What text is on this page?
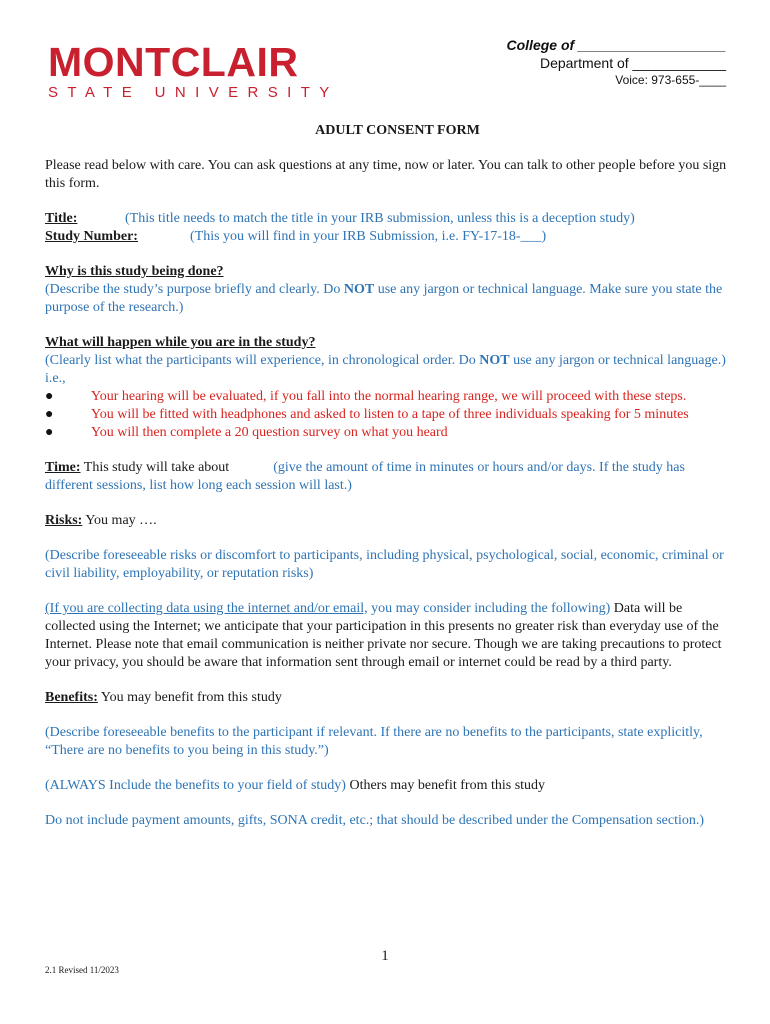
MONTCLAIR
STATE UNIVERSITY
College of ___________________
Department of ____________
Voice: 973-655-____
ADULT CONSENT FORM

Please read below with care. You can ask questions at any time, now or later. You can talk to other people before you sign this form.

Title:	(This title needs to match the title in your IRB submission, unless this is a deception study)
Study Number:	(This you will find in your IRB Submission, i.e. FY-17-18-___)

Why is this study being done?

(Describe the study’s purpose briefly and clearly. Do NOT use any jargon or technical language. Make sure you state the purpose of the research.)

What will happen while you are in the study?

(Clearly list what the participants will experience, in chronological order. Do NOT use any jargon or technical language.)

i.e.,

●	Your hearing will be evaluated, if you fall into the normal hearing range, we will proceed with these steps.

●	You will be fitted with headphones and asked to listen to a tape of three individuals speaking for 5 minutes

●	You will then complete a 20 question survey on what you heard

Time: This study will take about	(give the amount of time in minutes or hours and/or days. If the study has different sessions, list how long each session will last.)

Risks: You may ….

(Describe foreseeable risks or discomfort to participants, including physical, psychological, social, economic, criminal or civil liability, employability, or reputation risks)

(If you are collecting data using the internet and/or email, you may consider including the following) Data will be collected using the Internet; we anticipate that your participation in this presents no greater risk than everyday use of the Internet. Please note that email communication is neither private nor secure. Though we are taking precautions to protect your privacy, you should be aware that information sent through email or internet could be read by a third party.

Benefits: You may benefit from this study

(Describe foreseeable benefits to the participant if relevant. If there are no benefits to the participants, state explicitly, “There are no benefits to you being in this study.”)

(ALWAYS Include the benefits to your field of study) Others may benefit from this study

Do not include payment amounts, gifts, SONA credit, etc.; that should be described under the Compensation section.)

1
2.1 Revised 11/2023
